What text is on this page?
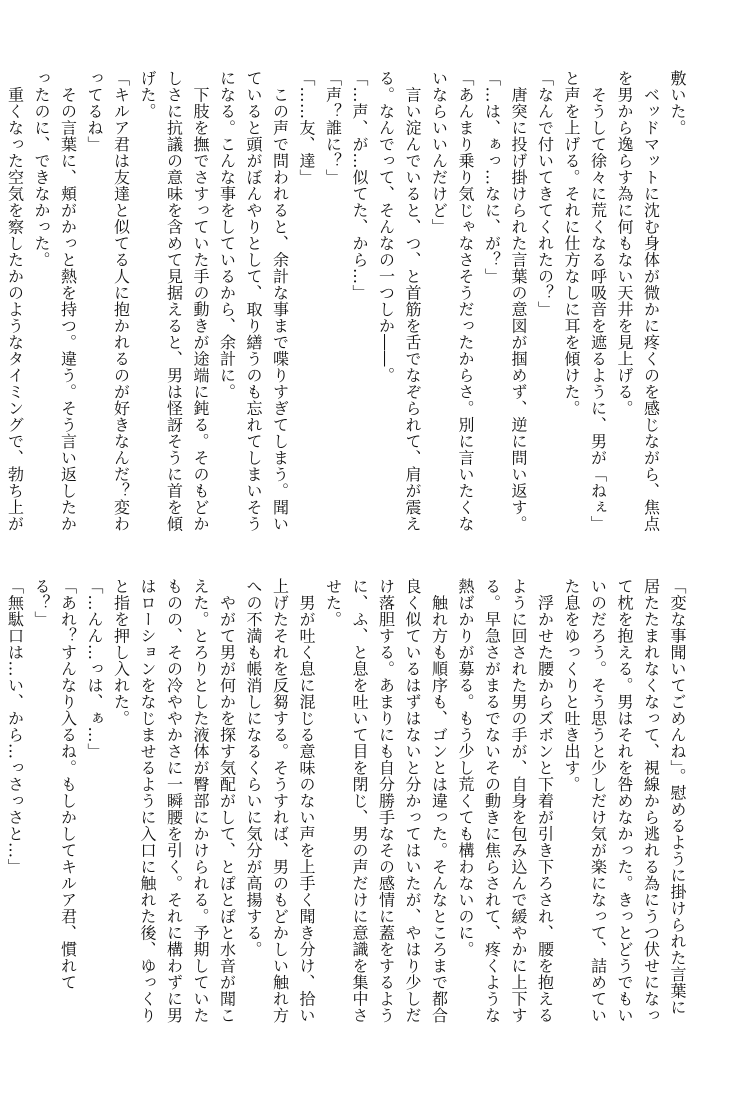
敷いた。

　ベッドマットに沈む身体が微かに疼くのを感じながら、焦点を男から逸らす為に何もない天井を見上げる。

　そうして徐々に荒くなる呼吸音を遮るように、男が「ねぇ」と声を上げる。それに仕方なしに耳を傾けた。

「なんで付いてきてくれたの？」

　唐突に投げ掛けられた言葉の意図が掴めず、逆に問い返す。

「…は、ぁっ…なに、が？」

「あんまり乗り気じゃなさそうだったからさ。別に言いたくないならいいんだけど」

　言い淀んでいると、つ、と首筋を舌でなぞられて、肩が震える。なんでって、そんなの一つしか――。

「…声、が…似てた、から…」

「声？誰に？」

「……友、達」

　この声で問われると、余計な事まで喋りすぎてしまう。聞いていると頭がぼんやりとして、取り繕うのも忘れてしまいそうになる。こんな事をしているから、余計に。

　下肢を撫でさすっていた手の動きが途端に鈍る。そのもどかしさに抗議の意味を含めて見据えると、男は怪訝そうに首を傾げた。

「キルア君は友達と似てる人に抱かれるのが好きなんだ？変わってるね」

　その言葉に、頬がかっと熱を持つ。違う。そう言い返したかったのに、できなかった。

　重くなった空気を察したかのようなタイミングで、勃ち上が

「変な事聞いてごめんね」。慰めるように掛けられた言葉に居たたまれなくなって、視線から逃れる為にうつ伏せになって枕を抱える。男はそれを咎めなかった。きっとどうでもいいのだろう。そう思うと少しだけ気が楽になって、詰めていた息をゆっくりと吐き出す。

　浮かせた腰からズボンと下着が引き下ろされ、腰を抱えるように回された男の手が、自身を包み込んで緩やかに上下する。早急さがまるでないその動きに焦らされて、疼くような熱ばかりが募る。もう少し荒くても構わないのに。

　触れ方も順序も、ゴンとは違った。そんなところまで都合良く似ているはずはないと分かってはいたが、やはり少しだけ落胆する。あまりにも自分勝手なその感情に蓋をするように、ふ、と息を吐いて目を閉じ、男の声だけに意識を集中させた。

　男が吐く息に混じる意味のない声を上手く聞き分け、拾い上げたそれを反芻する。そうすれば、男のもどかしい触れ方への不満も帳消しになるくらいに気分が高揚する。

　やがて男が何かを探す気配がして、とぽとぽと水音が聞こえた。とろりとした液体が臀部にかけられる。予期していたものの、その冷ややかさに一瞬腰を引く。それに構わずに男はローションをなじませるように入口に触れた後、ゆっくりと指を押し入れた。

「…んん…っは、ぁ…」

「あれ？すんなり入るね。もしかしてキルア君、慣れてる？」

「無駄口は…い、から…っさっさと…」
